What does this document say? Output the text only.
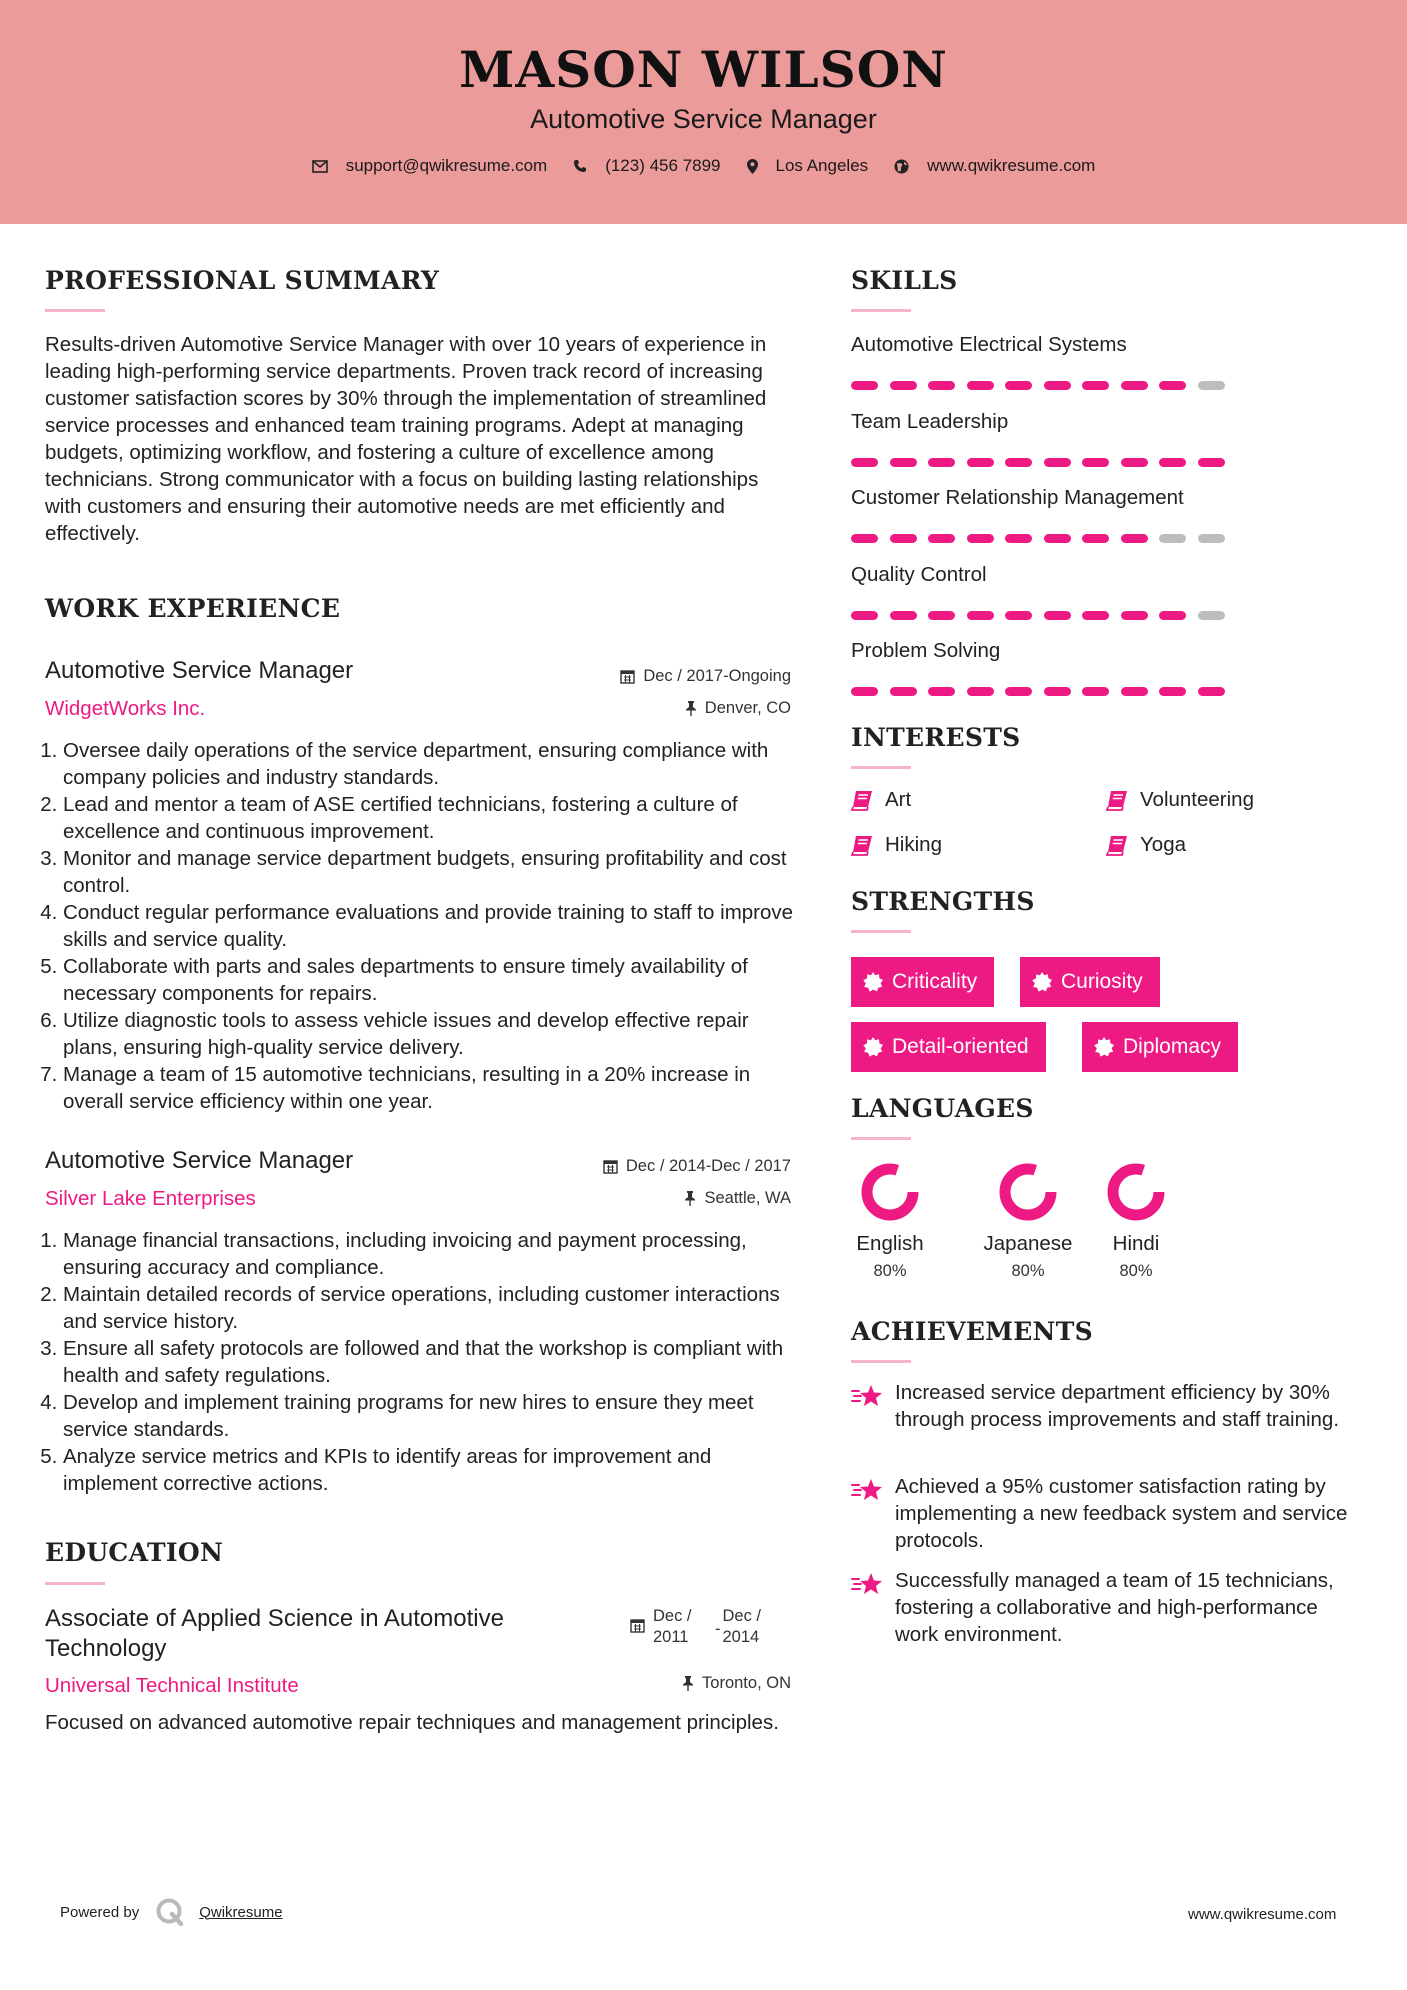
MASON WILSON
Automotive Service Manager
support@qwikresume.com	(123) 456 7899	Los Angeles	www.qwikresume.com
PROFESSIONAL SUMMARY
Results-driven Automotive Service Manager with over 10 years of experience in leading high-performing service departments. Proven track record of increasing customer satisfaction scores by 30% through the implementation of streamlined service processes and enhanced team training programs. Adept at managing budgets, optimizing workflow, and fostering a culture of excellence among technicians. Strong communicator with a focus on building lasting relationships with customers and ensuring their automotive needs are met efficiently and effectively.
WORK EXPERIENCE
Automotive Service Manager	Dec / 2017-Ongoing
WidgetWorks Inc.	Denver, CO
1. Oversee daily operations of the service department, ensuring compliance with company policies and industry standards.
2. Lead and mentor a team of ASE certified technicians, fostering a culture of excellence and continuous improvement.
3. Monitor and manage service department budgets, ensuring profitability and cost control.
4. Conduct regular performance evaluations and provide training to staff to improve skills and service quality.
5. Collaborate with parts and sales departments to ensure timely availability of necessary components for repairs.
6. Utilize diagnostic tools to assess vehicle issues and develop effective repair plans, ensuring high-quality service delivery.
7. Manage a team of 15 automotive technicians, resulting in a 20% increase in overall service efficiency within one year.
Automotive Service Manager	Dec / 2014-Dec / 2017
Silver Lake Enterprises	Seattle, WA
1. Manage financial transactions, including invoicing and payment processing, ensuring accuracy and compliance.
2. Maintain detailed records of service operations, including customer interactions and service history.
3. Ensure all safety protocols are followed and that the workshop is compliant with health and safety regulations.
4. Develop and implement training programs for new hires to ensure they meet service standards.
5. Analyze service metrics and KPIs to identify areas for improvement and implement corrective actions.
EDUCATION
Associate of Applied Science in Automotive Technology
Dec / 2011	-
Dec / 2014
Universal Technical Institute	Toronto, ON
Focused on advanced automotive repair techniques and management principles.
SKILLS
Automotive Electrical Systems
Team Leadership
Customer Relationship Management
Quality Control
Problem Solving
INTERESTS
Art	Volunteering
Hiking	Yoga
STRENGTHS
Criticality	Curiosity
Detail-oriented	Diplomacy
LANGUAGES
English
80%
Japanese
80%
Hindi
80%
ACHIEVEMENTS
Increased service department efficiency by 30% through process improvements and staff training.
Achieved a 95% customer satisfaction rating by implementing a new feedback system and service protocols.
Successfully managed a team of 15 technicians, fostering a collaborative and high-performance work environment.
Powered by	Qwikresume	www.qwikresume.com
